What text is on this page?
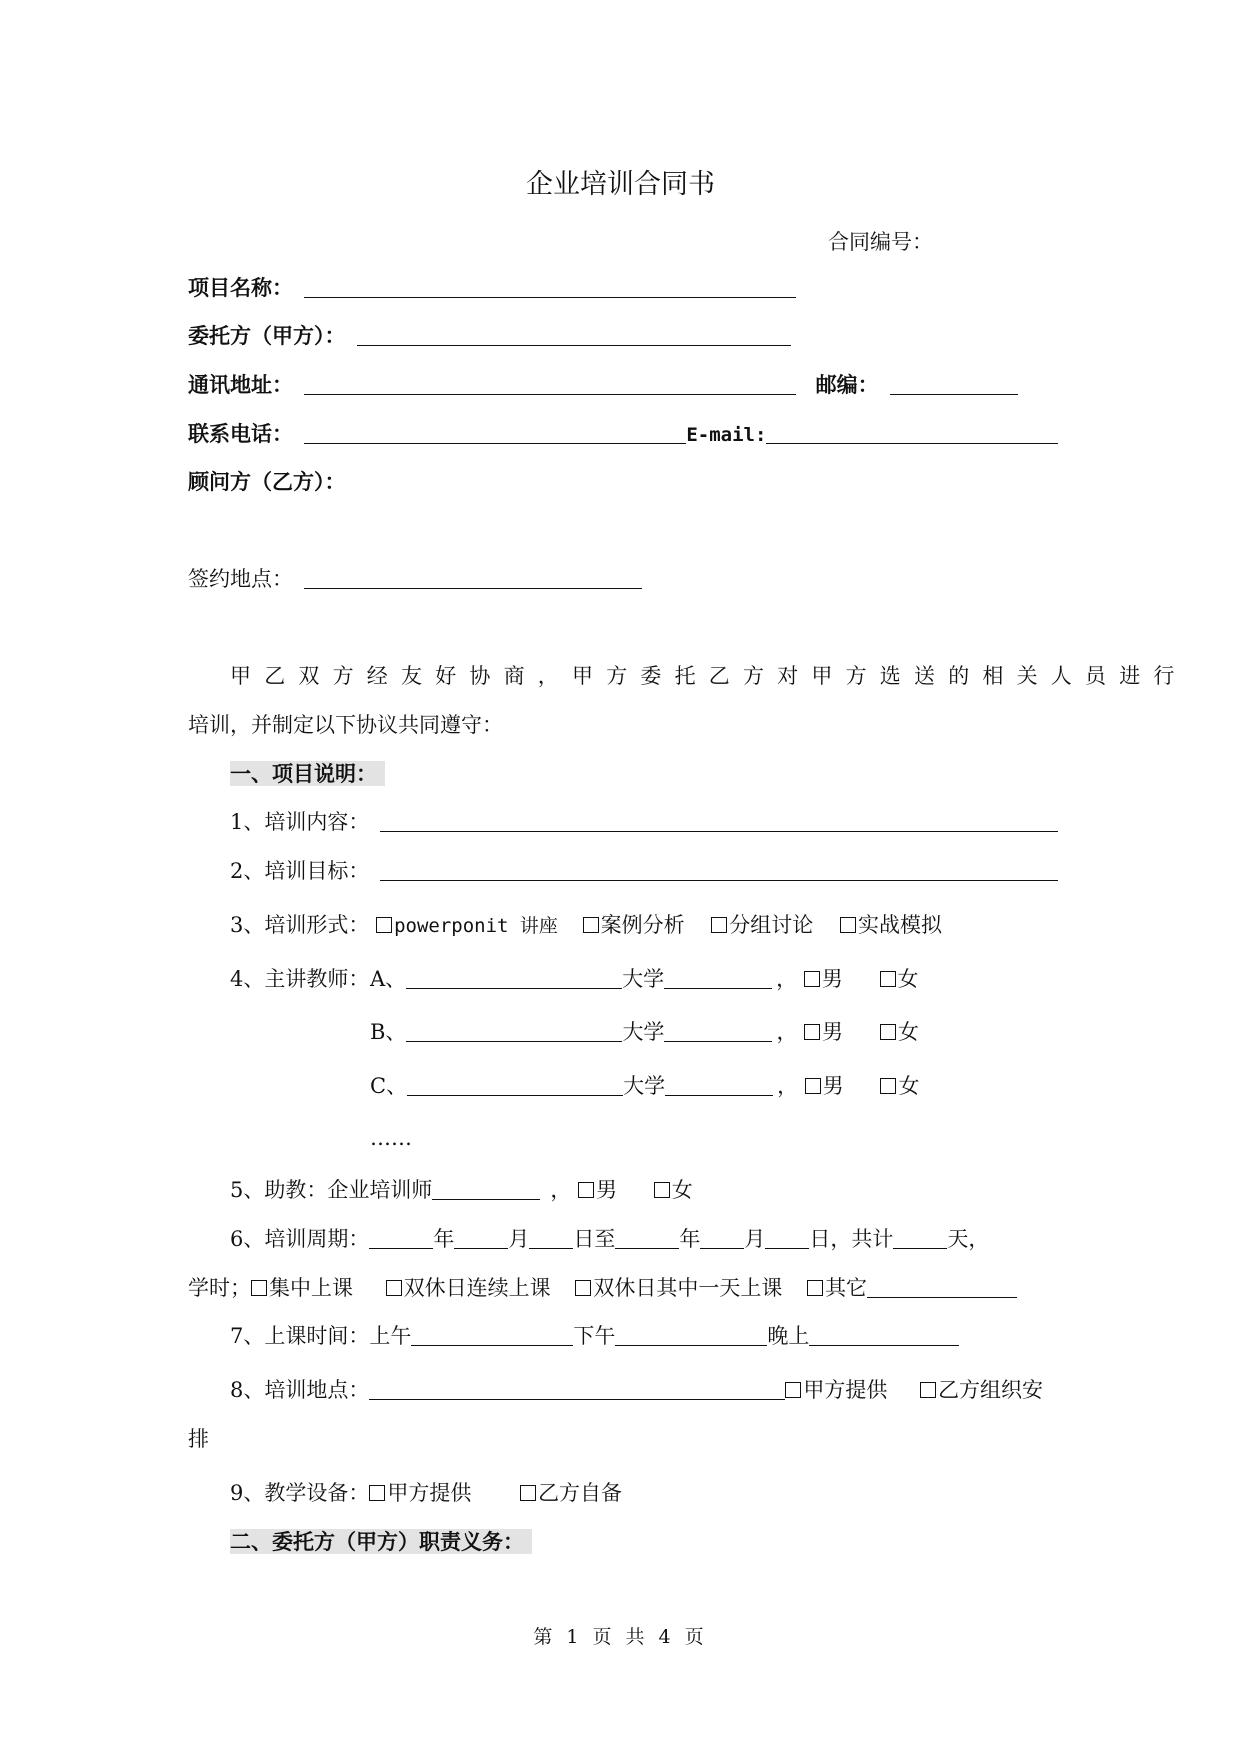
企业培训合同书
合同编号：
项目名称：
委托方（甲方）：
通讯地址：	邮编：
联系电话：	E-mail:
顾问方（乙方）：
签约地点：
甲乙双方经友好协商，甲方委托乙方对甲方选送的相关人员进行
培训，并制定以下协议共同遵守：
一、项目说明：
1、培训内容：
2、培训目标：
3、培训形式： powerponit 讲座 案例分析 分组讨论 实战模拟
4、主讲教师： A、	大学	， 男	女
B、	大学	， 男	女
C、	大学	， 男	女
……
5、助教：企业培训师	， 男	女
6、培训周期：	年	月 日至	年 月 日，共计	天，
学时； 集中上课 双休日连续上课 双休日其中一天上课 其它
7、上课时间：上午	下午	晚上
8、培训地点：	甲方提供 乙方组织安
排
9、教学设备： 甲方提供	乙方自备
二、委托方（甲方）职责义务：
第 1 页 共 4 页
